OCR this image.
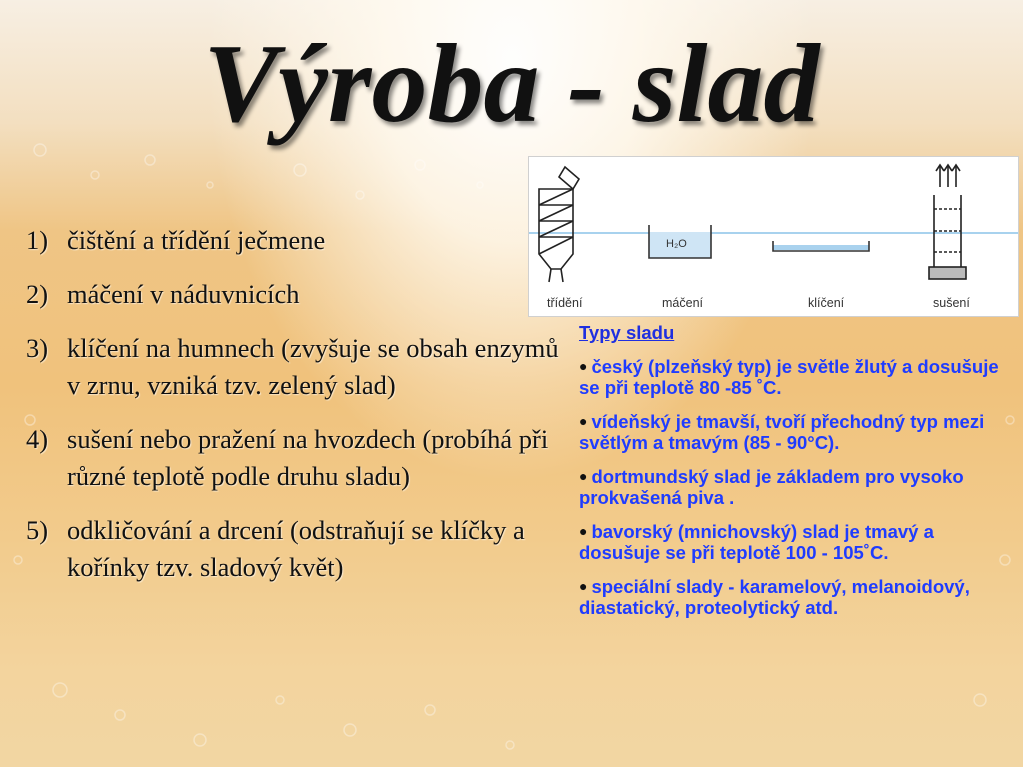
Výroba - slad
1) čištění a třídění ječmene
2) máčení v náduvnicích
3) klíčení na humnech (zvyšuje se obsah enzymů v zrnu, vzniká tzv. zelený slad)
4) sušení nebo pražení na hvozdech (probíhá při různé teplotě podle druhu sladu)
5) odkličování a drcení (odstraňují se klíčky a kořínky tzv. sladový květ)
H₂O
třídění	máčení	klíčení	sušení
Typy sladu

● český (plzeňský typ) je světle žlutý a dosušuje se při teplotě 80 -85 ˚C.

● vídeňský je tmavší, tvoří přechodný typ mezi světlým a tmavým (85 - 90°C).

● dortmundský slad je základem pro vysoko prokvašená piva .

● bavorský (mnichovský) slad je tmavý a dosušuje se při teplotě 100 - 105˚C.

● speciální slady - karamelový, melanoidový, diastatický, proteolytický atd.
